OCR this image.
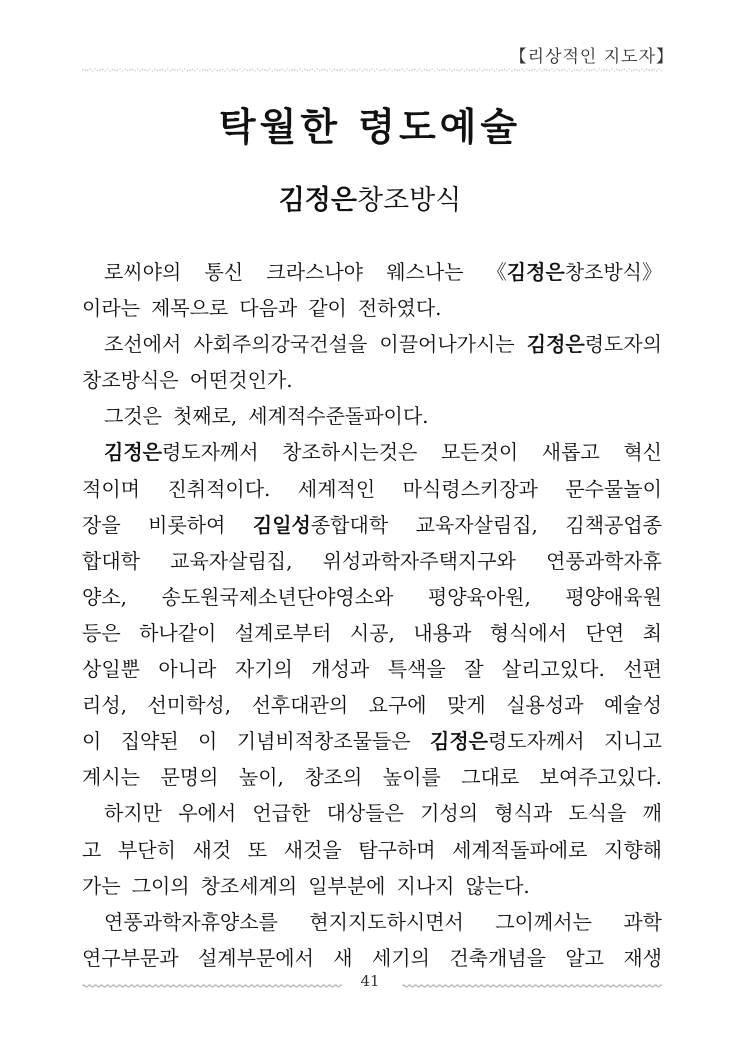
【리상적인 지도자】
탁월한 령도예술
김정은창조방식
로씨야의 통신 크라스나야 웨스나는 《김정은창조방식》
이라는 제목으로 다음과 같이 전하였다.
조선에서 사회주의강국건설을 이끌어나가시는 김정은령도자의
창조방식은 어떤것인가.
그것은 첫째로, 세계적수준돌파이다.
김정은령도자께서 창조하시는것은 모든것이 새롭고 혁신
적이며 진취적이다. 세계적인 마식령스키장과 문수물놀이
장을 비롯하여 김일성종합대학 교육자살림집, 김책공업종
합대학 교육자살림집, 위성과학자주택지구와 연풍과학자휴
양소, 송도원국제소년단야영소와 평양육아원, 평양애육원
등은 하나같이 설계로부터 시공, 내용과 형식에서 단연 최
상일뿐 아니라 자기의 개성과 특색을 잘 살리고있다. 선편
리성, 선미학성, 선후대관의 요구에 맞게 실용성과 예술성
이 집약된 이 기념비적창조물들은 김정은령도자께서 지니고
계시는 문명의 높이, 창조의 높이를 그대로 보여주고있다.
하지만 우에서 언급한 대상들은 기성의 형식과 도식을 깨
고 부단히 새것 또 새것을 탐구하며 세계적돌파에로 지향해
가는 그이의 창조세계의 일부분에 지나지 않는다.
연풍과학자휴양소를 현지지도하시면서 그이께서는 과학
연구부문과 설계부문에서 새 세기의 건축개념을 알고 재생
41
